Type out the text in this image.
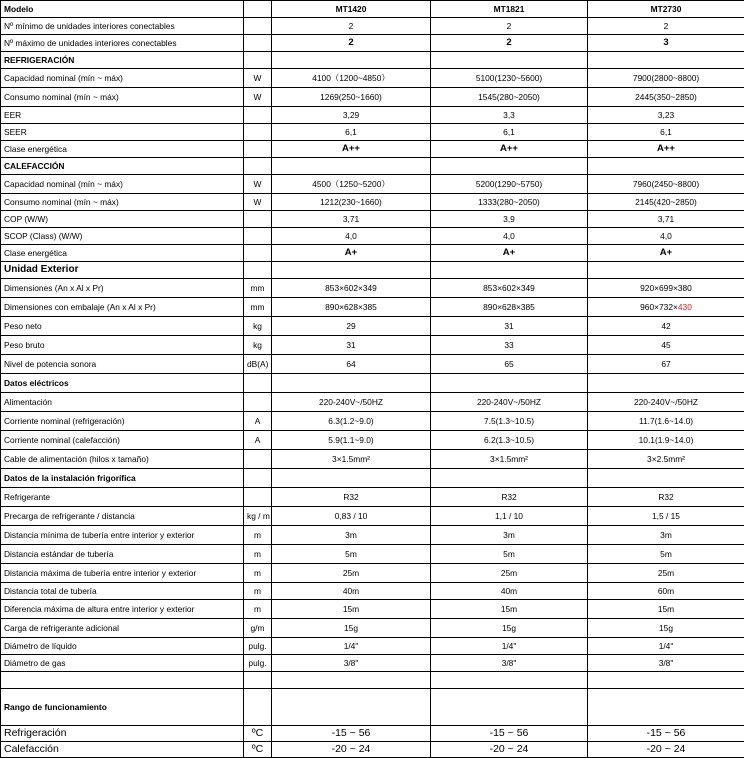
Modelo		MT1420	MT1821	MT2730
Nº mínimo de unidades interiores conectables		2	2	2
Nº máximo de unidades interiores conectables		2	2	3
REFRIGERACIÓN				
Capacidad nominal (mín ~ máx)	W	4100（1200~4850）	5100(1230~5600)	7900(2800~8800)
Consumo nominal (mín ~ máx)	W	1269(250~1660)	1545(280~2050)	2445(350~2850)
EER		3,29	3,3	3,23
SEER		6,1	6,1	6,1
Clase energética		A++	A++	A++
CALEFACCIÓN				
Capacidad nominal (mín ~ máx)	W	4500（1250~5200）	5200(1290~5750)	7960(2450~8800)
Consumo nominal (mín ~ máx)	W	1212(230~1660)	1333(280~2050)	2145(420~2850)
COP (W/W)		3,71	3,9	3,71
SCOP (Class) (W/W)		4,0	4,0	4,0
Clase energética		A+	A+	A+
Unidad Exterior				
Dimensiones (An x Al x Pr)	mm	853×602×349	853×602×349	920×699×380
Dimensiones con embalaje (An x Al x Pr)	mm	890×628×385	890×628×385	960×732×430
Peso neto	kg	29	31	42
Peso bruto	kg	31	33	45
Nivel de potencia sonora	dB(A)	64	65	67
Datos eléctricos				
Alimentación		220-240V~/50HZ	220-240V~/50HZ	220-240V~/50HZ
Corriente nominal (refrigeración)	A	6.3(1.2~9.0)	7.5(1.3~10.5)	11.7(1.6~14.0)
Corriente nominal (calefacción)	A	5.9(1.1~9.0)	6.2(1.3~10.5)	10.1(1.9~14.0)
Cable de alimentación (hilos x tamaño)		3×1.5mm²	3×1.5mm²	3×2.5mm²
Datos de la instalación frigorífica				
Refrigerante		R32	R32	R32
Precarga de refrigerante / distancia	kg / m	0,83 / 10	1,1 / 10	1,5 / 15
Distancia mínima de tubería entre interior y exterior	m	3m	3m	3m
Distancia estándar de tubería	m	5m	5m	5m
Distancia máxima de tubería entre interior y exterior	m	25m	25m	25m
Distancia total de tubería	m	40m	40m	60m
Diferencia máxima de altura entre interior y exterior	m	15m	15m	15m
Carga de refrigerante adicional	g/m	15g	15g	15g
Diámetro de líquido	pulg.	1/4"	1/4"	1/4"
Diámetro de gas	pulg.	3/8"	3/8"	3/8"

Rango de funcionamiento				
Refrigeración	ºC	-15 ~ 56	-15 ~ 56	-15 ~ 56
Calefacción	ºC	-20 ~ 24	-20 ~ 24	-20 ~ 24
